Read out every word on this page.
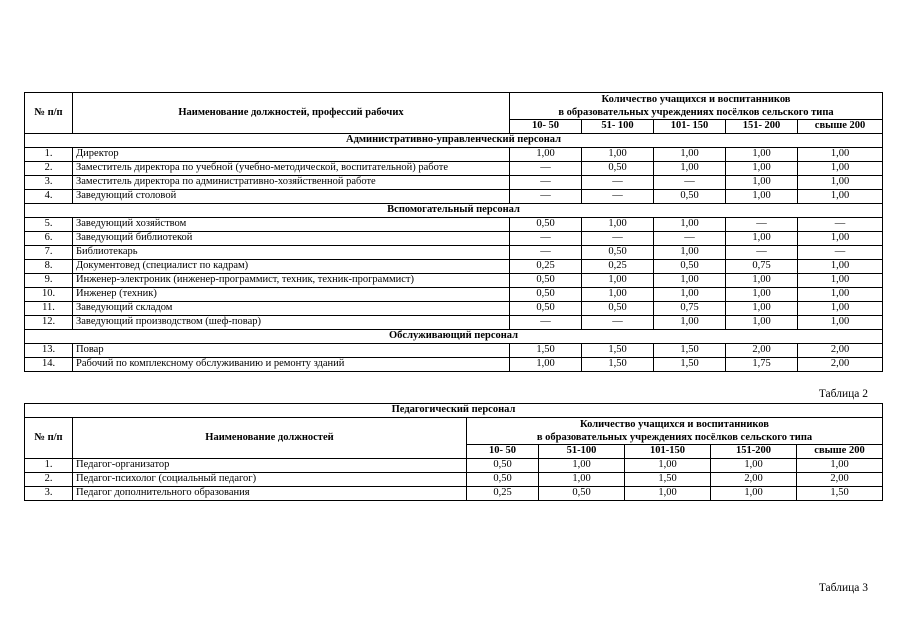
№ п/п	Наименование должностей, профессий рабочих	Количество учащихся и воспитанников
в образовательных учреждениях посёлков сельского типа				

		10- 50	51- 100	101- 150	151- 200	свыше 200
Административно-управленческий персонал						
1.	Директор	1,00	1,00	1,00	1,00	1,00
2.	Заместитель директора по учебной (учебно-методической, воспитательной) работе	—	0,50	1,00	1,00	1,00
3.	Заместитель директора по административно-хозяйственной работе	—	—	—	1,00	1,00
4.	Заведующий столовой	—	—	0,50	1,00	1,00
Вспомогательный персонал						
5.	Заведующий хозяйством	0,50	1,00	1,00	—	—
6.	Заведующий библиотекой	—	—	—	1,00	1,00
7.	Библиотекарь	—	0,50	1,00	—	—
8.	Документовед (специалист по кадрам)	0,25	0,25	0,50	0,75	1,00
9.	Инженер-электроник (инженер-программист, техник, техник-программист)	0,50	1,00	1,00	1,00	1,00
10.	Инженер (техник)	0,50	1,00	1,00	1,00	1,00
11.	Заведующий складом	0,50	0,50	0,75	1,00	1,00
12.	Заведующий производством (шеф-повар)	—	—	1,00	1,00	1,00
Обслуживающий персонал						
13.	Повар	1,50	1,50	1,50	2,00	2,00
14.	Рабочий по комплексному обслуживанию и ремонту зданий	1,00	1,50	1,50	1,75	2,00
Таблица 2
Педагогический персонал						
№ п/п	Наименование должностей	Количество учащихся и воспитанников
в образовательных учреждениях посёлков сельского типа				

		10- 50	51-100	101-150	151-200	свыше 200
1.	Педагог-организатор	0,50	1,00	1,00	1,00	1,00
2.	Педагог-психолог (социальный педагог)	0,50	1,00	1,50	2,00	2,00
3.	Педагог дополнительного образования	0,25	0,50	1,00	1,00	1,50
Таблица 3
